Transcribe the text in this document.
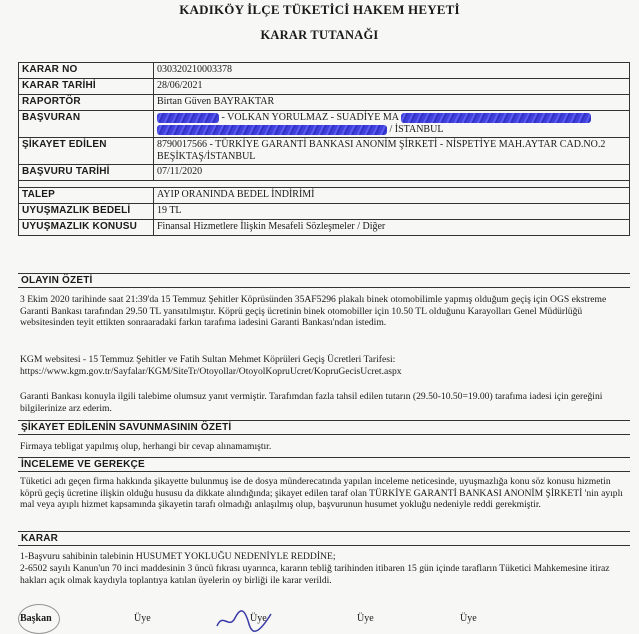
KADIKÖY İLÇE TÜKETİCİ HAKEM HEYETİ
KARAR TUTANAĞI
KARAR NO	030320210003378
KARAR TARİHİ	28/06/2021
RAPORTÖR	Birtan Güven BAYRAKTAR
BAŞVURAN	- VOLKAN YORULMAZ - SUADİYE MA
/ İSTANBUL
ŞİKAYET EDİLEN	8790017566 - TÜRKİYE GARANTİ BANKASI ANONİM ŞİRKETİ - NİSPETİYE MAH.AYTAR CAD.NO.2 BEŞİKTAŞ/İSTANBUL
BAŞVURU TARİHİ	07/11/2020

TALEP	AYIP ORANINDA BEDEL İNDİRİMİ
UYUŞMAZLIK BEDELİ	19 TL
UYUŞMAZLIK KONUSU	Finansal Hizmetlere İlişkin Mesafeli Sözleşmeler / Diğer
OLAYIN ÖZETİ

3 Ekim 2020 tarihinde saat 21:39'da 15 Temmuz Şehitler Köprüsünden 35AF5296 plakalı binek otomobilimle yapmış olduğum geçiş için OGS ekstreme Garanti Bankası tarafından 29.50 TL yansıtılmıştır. Köprü geçiş ücretinin binek otomobiller için 10.50 TL olduğunu Karayolları Genel Müdürlüğü websitesinden teyit ettikten sonraaradaki farkın tarafıma iadesini Garanti Bankası'ndan istedim.

KGM websitesi - 15 Temmuz Şehitler ve Fatih Sultan Mehmet Köprüleri Geçiş Ücretleri Tarifesi: https://www.kgm.gov.tr/Sayfalar/KGM/SiteTr/Otoyollar/OtoyolKopruUcret/KopruGecisUcret.aspx

Garanti Bankası konuyla ilgili talebime olumsuz yanıt vermiştir. Tarafımdan fazla tahsil edilen tutarın (29.50-10.50=19.00) tarafıma iadesi için gereğini bilgilerinize arz ederim.

ŞİKAYET EDİLENİN SAVUNMASININ ÖZETİ

Firmaya tebligat yapılmış olup, herhangi bir cevap alınamamıştır.

İNCELEME VE GEREKÇE

Tüketici adı geçen firma hakkında şikayette bulunmuş ise de dosya münderecatında yapılan inceleme neticesinde, uyuşmazlığa konu söz konusu hizmetin köprü geçiş ücretine ilişkin olduğu hususu da dikkate alındığında; şikayet edilen taraf olan TÜRKİYE GARANTİ BANKASI ANONİM ŞİRKETİ 'nin ayıplı mal veya ayıplı hizmet kapsamında şikayetin tarafı olmadığı anlaşılmış olup, başvurunun husumet yokluğu nedeniyle reddi gerekmiştir.

KARAR

1-Başvuru sahibinin talebinin HUSUMET YOKLUĞU NEDENİYLE REDDİNE;

2-6502 sayılı Kanun'un 70 inci maddesinin 3 üncü fıkrası uyarınca, kararın tebliğ tarihinden itibaren 15 gün içinde tarafların Tüketici Mahkemesine itiraz hakları açık olmak kaydıyla toplantıya katılan üyelerin oy birliği ile karar verildi.

Başkan	Üye	Üye	Üye	Üye
